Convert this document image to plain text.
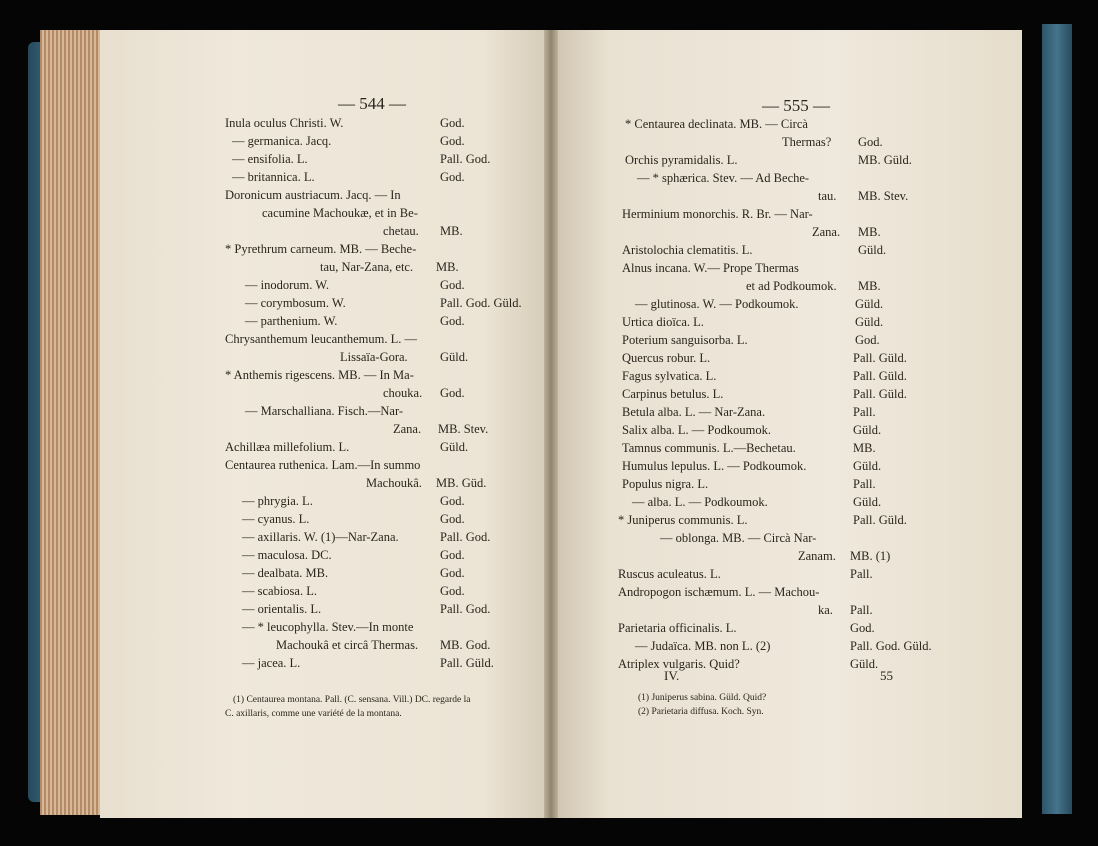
— 544 —	— 555 —
Inula oculus Christi. W.	God.
— germanica. Jacq.	God.
— ensifolia. L.	Pall. God.
— britannica. L.	God.
Doronicum austriacum. Jacq. — In
cacumine Machoukæ, et in Be-
chetau. MB.
* Pyrethrum carneum. MB. — Beche-
tau, Nar-Zana, etc. MB.
— inodorum. W.	God.
— corymbosum. W.	Pall. God. Güld.
— parthenium. W.	God.
Chrysanthemum leucanthemum. L. —
Lissaïa-Gora.	Güld.
* Anthemis rigescens. MB. — In Ma-
chouka. God.
— Marschalliana. Fisch.—Nar-
Zana. MB. Stev.
Achillæa millefolium. L.	Güld.
Centaurea ruthenica. Lam.—In summo
Machoukâ. MB. Güd.
— phrygia. L.	God.
— cyanus. L.	God.
— axillaris. W. (1)—Nar-Zana.	Pall. God.
— maculosa. DC.	God.
— dealbata. MB.	God.
— scabiosa. L.	God.
— orientalis. L.	Pall. God.
— * leucophylla. Stev.—In monte
Machoukâ et circâ Thermas. MB. God.
— jacea. L.	Pall. Güld.
(1) Centaurea montana. Pall. (C. sensana. Vill.) DC. regarde la
C. axillaris, comme une variété de la montana.
* Centaurea declinata. MB. — Circà
Thermas? God.
Orchis pyramidalis. L.	MB. Güld.
— * sphærica. Stev. — Ad Beche-
tau. MB. Stev.
Herminium monorchis. R. Br. — Nar-
Zana. MB.
Aristolochia clematitis. L.	Güld.
Alnus incana. W.— Prope Thermas
et ad Podkoumok. MB.
— glutinosa. W. — Podkoumok.	Güld.
Urtica dioïca. L.	Güld.
Poterium sanguisorba. L.	God.
Quercus robur. L.	Pall. Güld.
Fagus sylvatica. L.	Pall. Güld.
Carpinus betulus. L.	Pall. Güld.
Betula alba. L. — Nar-Zana.	Pall.
Salix alba. L. — Podkoumok.	Güld.
Tamnus communis. L.—Bechetau.	MB.
Humulus lepulus. L. — Podkoumok.	Güld.
Populus nigra. L.	Pall.
— alba. L. — Podkoumok.	Güld.
* Juniperus communis. L.	Pall. Güld.
— oblonga. MB. — Circà Nar-
Zanam. MB. (1)
Ruscus aculeatus. L.	Pall.
Andropogon ischæmum. L. — Machou-
ka. Pall.
Parietaria officinalis. L.	God.
— Judaïca. MB. non L. (2)	Pall. God. Güld.
Atriplex vulgaris. Quid?	Güld.
(1) Juniperus sabina. Güld. Quid?
(2) Parietaria diffusa. Koch. Syn.
IV.	55
